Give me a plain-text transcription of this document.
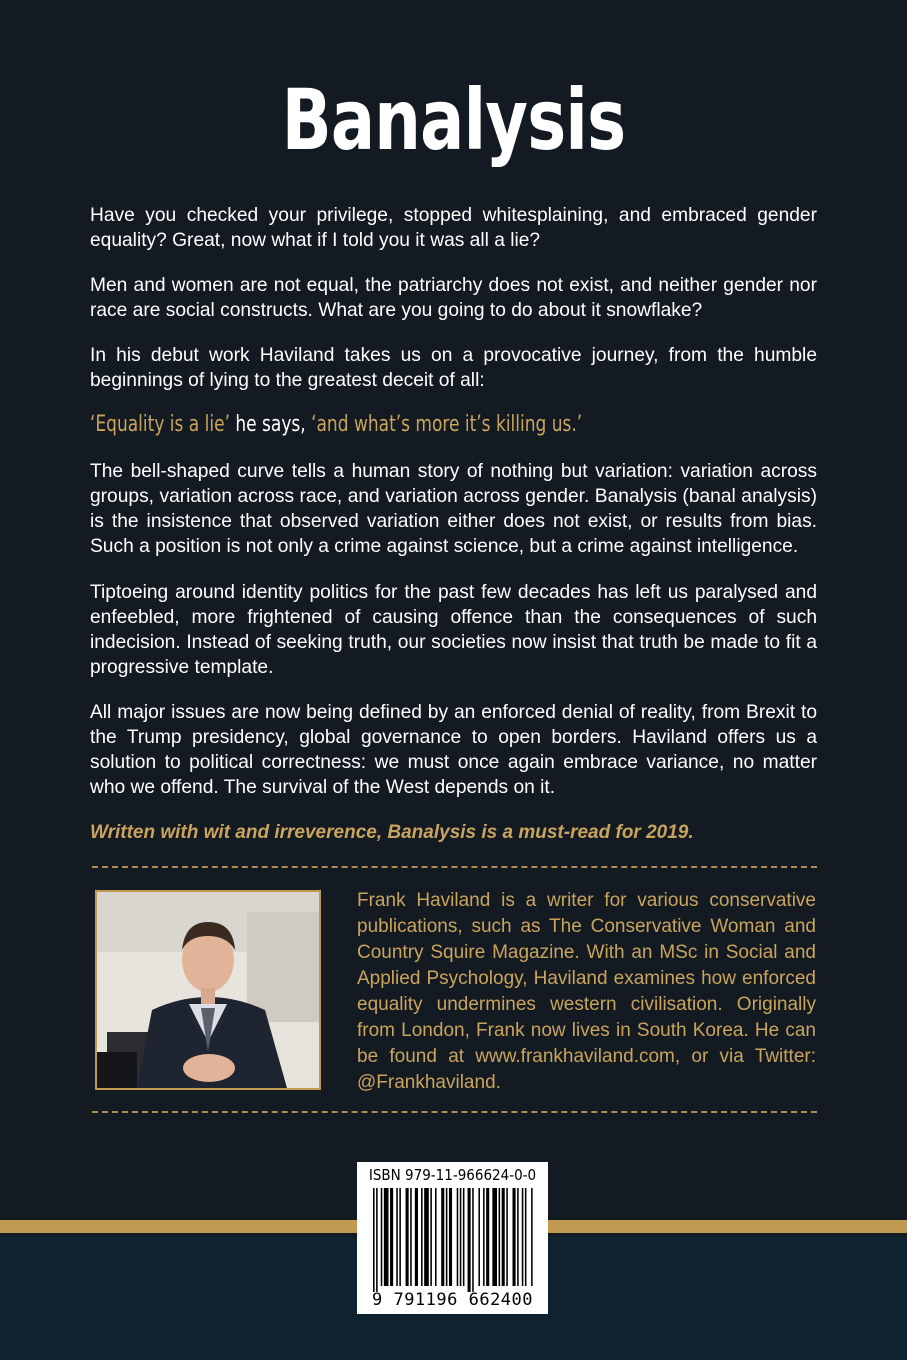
Banalysis

Have you checked your privilege, stopped whitesplaining, and embraced gender equality? Great, now what if I told you it was all a lie?

Men and women are not equal, the patriarchy does not exist, and neither gender nor race are social constructs. What are you going to do about it snowflake?

In his debut work Haviland takes us on a provocative journey, from the humble beginnings of lying to the greatest deceit of all:

‘Equality is a lie’ he says, ‘and what’s more it’s killing us.’

The bell-shaped curve tells a human story of nothing but variation: variation across groups, variation across race, and variation across gender. Banalysis (banal analysis) is the insistence that observed variation either does not exist, or results from bias. Such a position is not only a crime against science, but a crime against intelligence.

Tiptoeing around identity politics for the past few decades has left us paralysed and enfeebled, more frightened of causing offence than the consequences of such indecision. Instead of seeking truth, our societies now insist that truth be made to fit a progressive template.

All major issues are now being defined by an enforced denial of reality, from Brexit to the Trump presidency, global governance to open borders. Haviland offers us a solution to political correctness: we must once again embrace variance, no matter who we offend. The survival of the West depends on it.

Written with wit and irreverence, Banalysis is a must-read for 2019.

Frank Haviland is a writer for various conservative publications, such as The Conservative Woman and Country Squire Magazine. With an MSc in Social and Applied Psychology, Haviland examines how enforced equality undermines western civilisation. Originally from London, Frank now lives in South Korea. He can be found at www.frankhaviland.com, or via Twitter: @Frankhaviland.

ISBN 979-11-966624-0-0
9 791196 662400
